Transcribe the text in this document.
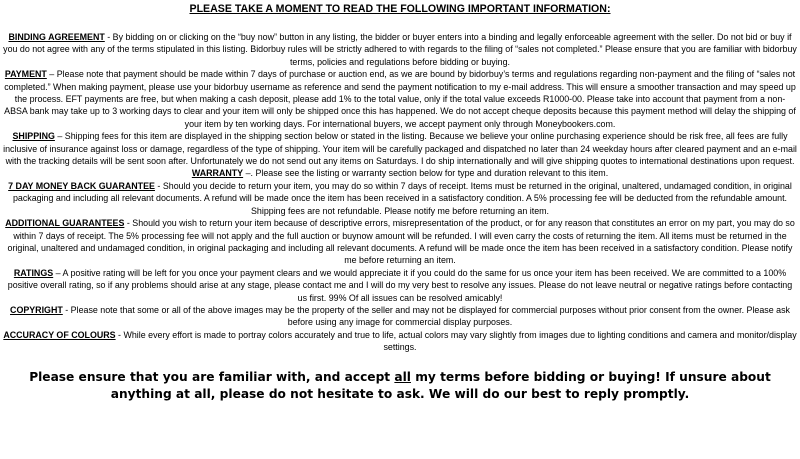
PLEASE TAKE A MOMENT TO READ THE FOLLOWING IMPORTANT INFORMATION:

BINDING AGREEMENT - By bidding on or clicking on the “buy now” button in any listing, the bidder or buyer enters into a binding and legally enforceable agreement with the seller. Do not bid or buy if you do not agree with any of the terms stipulated in this listing. Bidorbuy rules will be strictly adhered to with regards to the filing of “sales not completed.” Please ensure that you are familiar with bidorbuy terms, policies and regulations before bidding or buying.

PAYMENT – Please note that payment should be made within 7 days of purchase or auction end, as we are bound by bidorbuy’s terms and regulations regarding non-payment and the filing of “sales not completed.” When making payment, please use your bidorbuy username as reference and send the payment notification to my e-mail address. This will ensure a smoother transaction and may speed up the process. EFT payments are free, but when making a cash deposit, please add 1% to the total value, only if the total value exceeds R1000-00. Please take into account that payment from a non-ABSA bank may take up to 3 working days to clear and your item will only be shipped once this has happened. We do not accept cheque deposits because this payment method will delay the shipping of your item by ten working days. For international buyers, we accept payment only through Moneybookers.com.

SHIPPING – Shipping fees for this item are displayed in the shipping section below or stated in the listing. Because we believe your online purchasing experience should be risk free, all fees are fully inclusive of insurance against loss or damage, regardless of the type of shipping. Your item will be carefully packaged and dispatched no later than 24 weekday hours after cleared payment and an e-mail with the tracking details will be sent soon after. Unfortunately we do not send out any items on Saturdays. I do ship internationally and will give shipping quotes to international destinations upon request.

WARRANTY –. Please see the listing or warranty section below for type and duration relevant to this item.

7 DAY MONEY BACK GUARANTEE - Should you decide to return your item, you may do so within 7 days of receipt. Items must be returned in the original, unaltered, undamaged condition, in original packaging and including all relevant documents. A refund will be made once the item has been received in a satisfactory condition. A 5% processing fee will be deducted from the refundable amount. Shipping fees are not refundable. Please notify me before returning an item.

ADDITIONAL GUARANTEES - Should you wish to return your item because of descriptive errors, misrepresentation of the product, or for any reason that constitutes an error on my part, you may do so within 7 days of receipt. The 5% processing fee will not apply and the full auction or buynow amount will be refunded. I will even carry the costs of returning the item. All items must be returned in the original, unaltered and undamaged condition, in original packaging and including all relevant documents. A refund will be made once the item has been received in a satisfactory condition. Please notify me before returning an item.

RATINGS – A positive rating will be left for you once your payment clears and we would appreciate it if you could do the same for us once your item has been received. We are committed to a 100% positive overall rating, so if any problems should arise at any stage, please contact me and I will do my very best to resolve any issues. Please do not leave neutral or negative ratings before contacting us first. 99% Of all issues can be resolved amicably!

COPYRIGHT - Please note that some or all of the above images may be the property of the seller and may not be displayed for commercial purposes without prior consent from the owner. Please ask before using any image for commercial display purposes.

ACCURACY OF COLOURS - While every effort is made to portray colors accurately and true to life, actual colors may vary slightly from images due to lighting conditions and camera and monitor/display settings.

Please ensure that you are familiar with, and accept all my terms before bidding or buying! If unsure about anything at all, please do not hesitate to ask. We will do our best to reply promptly.
